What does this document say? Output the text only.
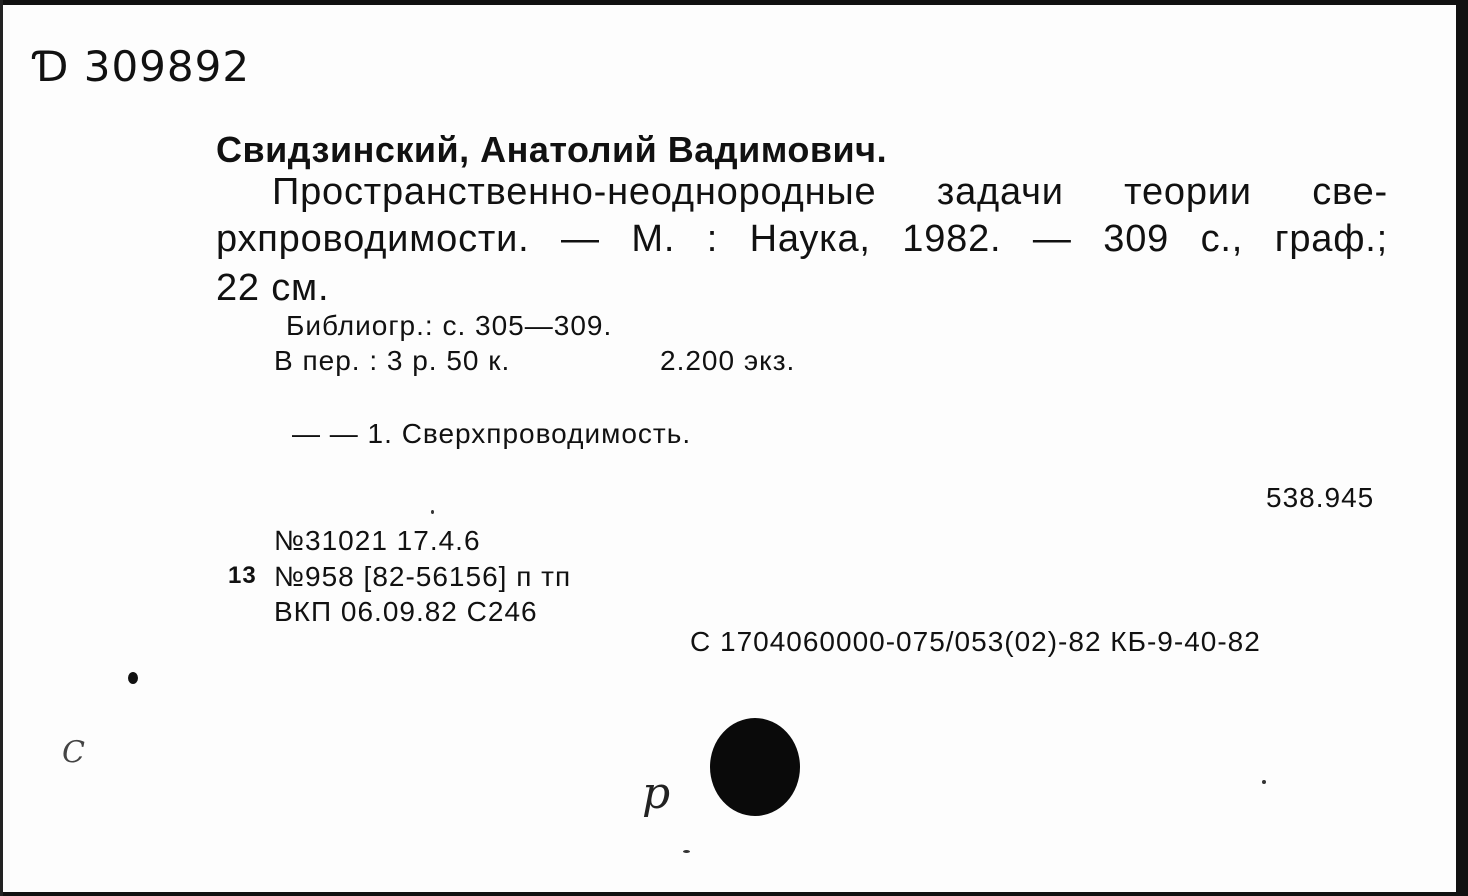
Ɗ 309892
Свидзинский, Анатолий Вадимович.
Пространственно-неоднородные задачи теории све-
рхпроводимости. — М. : Наука, 1982. — 309 с., граф.;
22 см.
Библиогр.: с. 305—309.
В пер. : 3 р. 50 к.	2.200 экз.
— — 1. Сверхпроводимость.
538.945
№31021 17.4.6
13 №958 [82-56156] п тп
ВКП 06.09.82 С246
С 1704060000-075/053(02)-82 КБ-9-40-82
С
р
